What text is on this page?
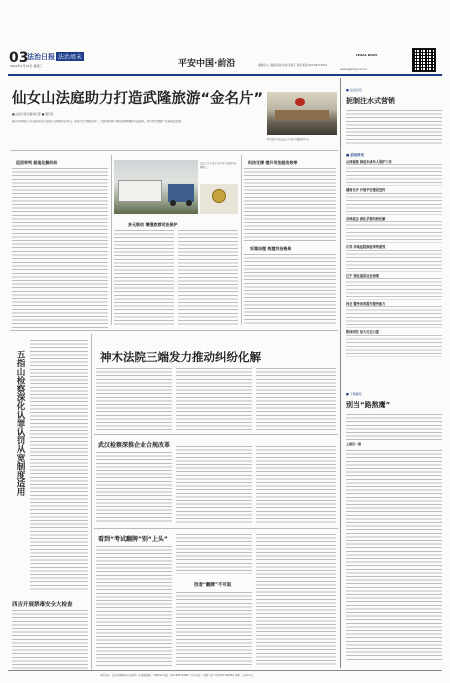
03
法治日报 法治周末
2024年1月10日 星期三	平安中国·前沿	编辑/李立 美编/高刚 校对/邓春兰 联系电话/010-84772841
LEGAL DAILY
www.legaldaily.com.cn
仙女山法庭助力打造武隆旅游“金名片”
■ 法治日报全媒体记者 ■ 通讯员
重庆市武隆区人民法院仙女山法庭立足旅游景区特点，探索打造“旅游法庭”，为游客和商户提供高效便捷的司法服务，助力地方旅游产业高质量发展。
图为仙女山法庭法官在景区开展巡回审判。
巡回审判 就地化解纠纷	法庭工作人员在景区设立旅游纠纷调解点。
多元联动 增强旅游司法保护
科技支撑 提升司法服务效率
诉源治理 构建共治格局
■ 法治论苑
扼制注水式营销
■ 前沿快讯
山西检察 推进未成年人保护工作
湖南长沙 开展平安建设宣传
吉林延边 深化矛盾纠纷化解
江苏 多地法院推进审判质效
辽宁 强化基层社会治理
河北 警务改革提升服务能力
陕西西安 加大打击力度
■ 下期推荐
别当“路熬鹰”
上善若一善
五指山检察深化认罪认罚从宽制度适用
西吉开展禁毒安全大检查
神木法院三端发力推动纠纷化解
武汉检察深推企业合规改革
看到“考试翻牌”别“上头”
技者“翻牌”不可取
本报社址：北京市朝阳区花家地甲一号 邮政编码：100102 电话：010-84772288 广告许可证：京朝工商广登字20170008号 零售：每份1.5元
